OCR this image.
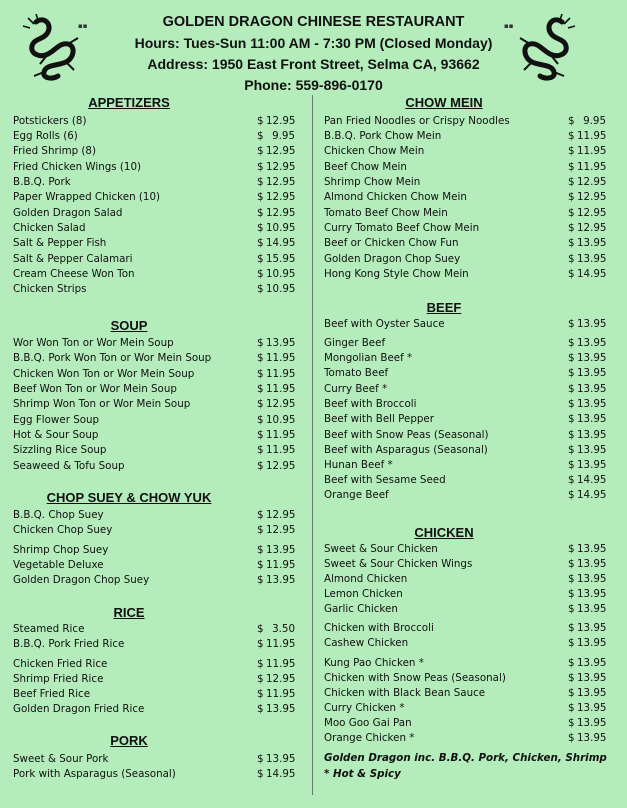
▪▪	▪▪
GOLDEN DRAGON CHINESE RESTAURANT
Hours: Tues-Sun 11:00 AM - 7:30 PM (Closed Monday)
Address: 1950 East Front Street, Selma CA, 93662
Phone: 559-896-0170
APPETIZERS
Potstickers (8)	$ 12.95
Egg Rolls (6)	$ 9.95
Fried Shrimp (8)	$ 12.95
Fried Chicken Wings (10)	$ 12.95
B.B.Q. Pork	$ 12.95
Paper Wrapped Chicken (10)	$ 12.95
Golden Dragon Salad	$ 12.95
Chicken Salad	$ 10.95
Salt & Pepper Fish	$ 14.95
Salt & Pepper Calamari	$ 15.95
Cream Cheese Won Ton	$ 10.95
Chicken Strips	$ 10.95
SOUP
Wor Won Ton or Wor Mein Soup	$ 13.95
B.B.Q. Pork Won Ton or Wor Mein Soup	$ 11.95
Chicken Won Ton or Wor Mein Soup	$ 11.95
Beef Won Ton or Wor Mein Soup	$ 11.95
Shrimp Won Ton or Wor Mein Soup	$ 12.95
Egg Flower Soup	$ 10.95
Hot & Sour Soup	$ 11.95
Sizzling Rice Soup	$ 11.95
Seaweed & Tofu Soup	$ 12.95
CHOP SUEY & CHOW YUK
B.B.Q. Chop Suey	$ 12.95
Chicken Chop Suey	$ 12.95
Shrimp Chop Suey	$ 13.95
Vegetable Deluxe	$ 11.95
Golden Dragon Chop Suey	$ 13.95
RICE
Steamed Rice	$ 3.50
B.B.Q. Pork Fried Rice	$ 11.95
Chicken Fried Rice	$ 11.95
Shrimp Fried Rice	$ 12.95
Beef Fried Rice	$ 11.95
Golden Dragon Fried Rice	$ 13.95
PORK
Sweet & Sour Pork	$ 13.95
Pork with Asparagus (Seasonal)	$ 14.95
CHOW MEIN
Pan Fried Noodles or Crispy Noodles	$ 9.95
B.B.Q. Pork Chow Mein	$ 11.95
Chicken Chow Mein	$ 11.95
Beef Chow Mein	$ 11.95
Shrimp Chow Mein	$ 12.95
Almond Chicken Chow Mein	$ 12.95
Tomato Beef Chow Mein	$ 12.95
Curry Tomato Beef Chow Mein	$ 12.95
Beef or Chicken Chow Fun	$ 13.95
Golden Dragon Chop Suey	$ 13.95
Hong Kong Style Chow Mein	$ 14.95
BEEF
Beef with Oyster Sauce	$ 13.95
Ginger Beef	$ 13.95
Mongolian Beef *	$ 13.95
Tomato Beef	$ 13.95
Curry Beef *	$ 13.95
Beef with Broccoli	$ 13.95
Beef with Bell Pepper	$ 13.95
Beef with Snow Peas (Seasonal)	$ 13.95
Beef with Asparagus (Seasonal)	$ 13.95
Hunan Beef *	$ 13.95
Beef with Sesame Seed	$ 14.95
Orange Beef	$ 14.95
CHICKEN
Sweet & Sour Chicken	$ 13.95
Sweet & Sour Chicken Wings	$ 13.95
Almond Chicken	$ 13.95
Lemon Chicken	$ 13.95
Garlic Chicken	$ 13.95
Chicken with Broccoli	$ 13.95
Cashew Chicken	$ 13.95
Kung Pao Chicken *	$ 13.95
Chicken with Snow Peas (Seasonal)	$ 13.95
Chicken with Black Bean Sauce	$ 13.95
Curry Chicken *	$ 13.95
Moo Goo Gai Pan	$ 13.95
Orange Chicken *	$ 13.95
Golden Dragon inc. B.B.Q. Pork, Chicken, Shrimp
* Hot & Spicy
